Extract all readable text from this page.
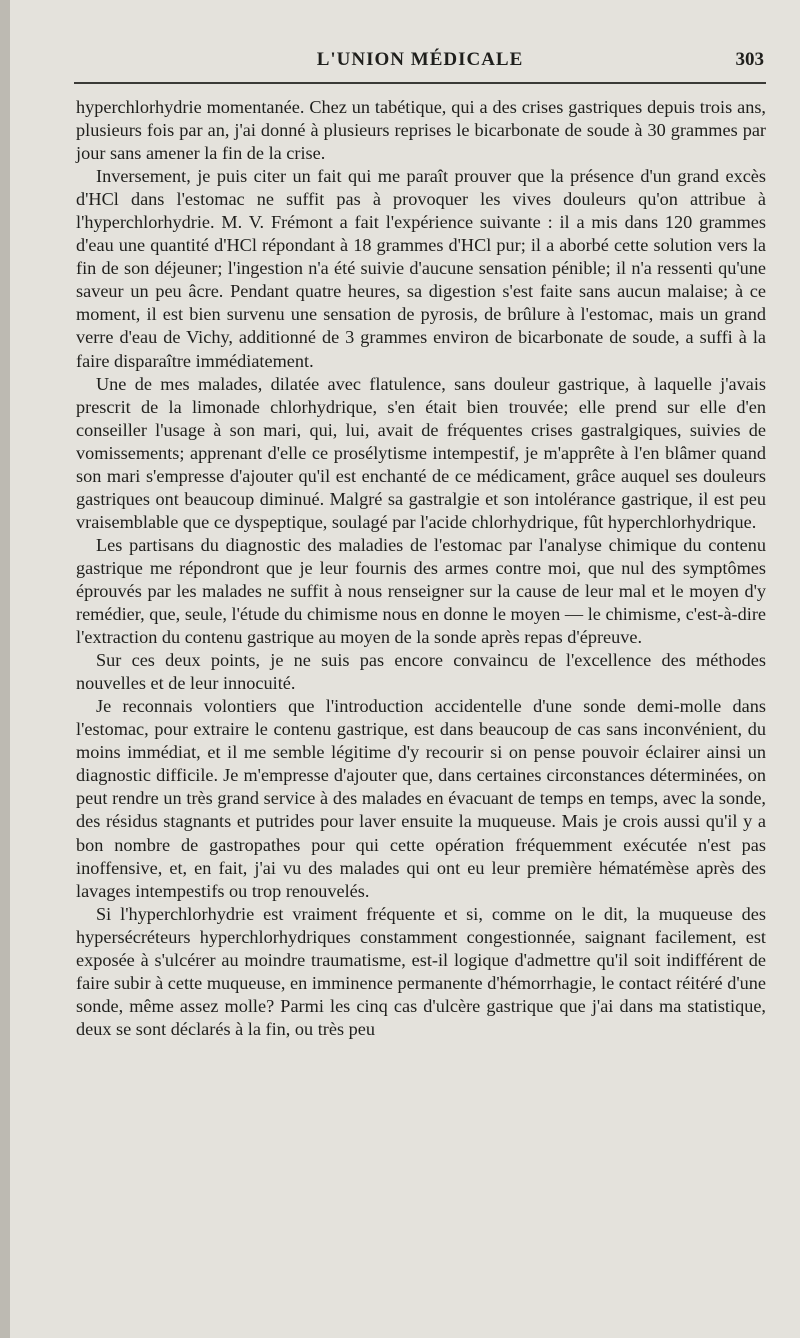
L'UNION MÉDICALE	303

hyperchlorhydrie momentanée. Chez un tabétique, qui a des crises gastriques depuis trois ans, plusieurs fois par an, j'ai donné à plusieurs reprises le bicarbonate de soude à 30 grammes par jour sans amener la fin de la crise.

Inversement, je puis citer un fait qui me paraît prouver que la présence d'un grand excès d'HCl dans l'estomac ne suffit pas à provoquer les vives douleurs qu'on attribue à l'hyperchlorhydrie. M. V. Frémont a fait l'expérience suivante : il a mis dans 120 grammes d'eau une quantité d'HCl répondant à 18 grammes d'HCl pur; il a aborbé cette solution vers la fin de son déjeuner; l'ingestion n'a été suivie d'aucune sensation pénible; il n'a ressenti qu'une saveur un peu âcre. Pendant quatre heures, sa digestion s'est faite sans aucun malaise; à ce moment, il est bien survenu une sensation de pyrosis, de brûlure à l'estomac, mais un grand verre d'eau de Vichy, additionné de 3 grammes environ de bicarbonate de soude, a suffi à la faire disparaître immédiatement.

Une de mes malades, dilatée avec flatulence, sans douleur gastrique, à laquelle j'avais prescrit de la limonade chlorhydrique, s'en était bien trouvée; elle prend sur elle d'en conseiller l'usage à son mari, qui, lui, avait de fréquentes crises gastralgiques, suivies de vomissements; apprenant d'elle ce prosélytisme intempestif, je m'apprête à l'en blâmer quand son mari s'empresse d'ajouter qu'il est enchanté de ce médicament, grâce auquel ses douleurs gastriques ont beaucoup diminué. Malgré sa gastralgie et son intolérance gastrique, il est peu vraisemblable que ce dyspeptique, soulagé par l'acide chlorhydrique, fût hyperchlorhydrique.

Les partisans du diagnostic des maladies de l'estomac par l'analyse chimique du contenu gastrique me répondront que je leur fournis des armes contre moi, que nul des symptômes éprouvés par les malades ne suffit à nous renseigner sur la cause de leur mal et le moyen d'y remédier, que, seule, l'étude du chimisme nous en donne le moyen — le chimisme, c'est-à-dire l'extraction du contenu gastrique au moyen de la sonde après repas d'épreuve.

Sur ces deux points, je ne suis pas encore convaincu de l'excellence des méthodes nouvelles et de leur innocuité.

Je reconnais volontiers que l'introduction accidentelle d'une sonde demi-molle dans l'estomac, pour extraire le contenu gastrique, est dans beaucoup de cas sans inconvénient, du moins immédiat, et il me semble légitime d'y recourir si on pense pouvoir éclairer ainsi un diagnostic difficile. Je m'empresse d'ajouter que, dans certaines circonstances déterminées, on peut rendre un très grand service à des malades en évacuant de temps en temps, avec la sonde, des résidus stagnants et putrides pour laver ensuite la muqueuse. Mais je crois aussi qu'il y a bon nombre de gastropathes pour qui cette opération fréquemment exécutée n'est pas inoffensive, et, en fait, j'ai vu des malades qui ont eu leur première hématémèse après des lavages intempestifs ou trop renouvelés.

Si l'hyperchlorhydrie est vraiment fréquente et si, comme on le dit, la muqueuse des hypersécréteurs hyperchlorhydriques constamment congestionnée, saignant facilement, est exposée à s'ulcérer au moindre traumatisme, est-il logique d'admettre qu'il soit indifférent de faire subir à cette muqueuse, en imminence permanente d'hémorrhagie, le contact réitéré d'une sonde, même assez molle? Parmi les cinq cas d'ulcère gastrique que j'ai dans ma statistique, deux se sont déclarés à la fin, ou très peu
